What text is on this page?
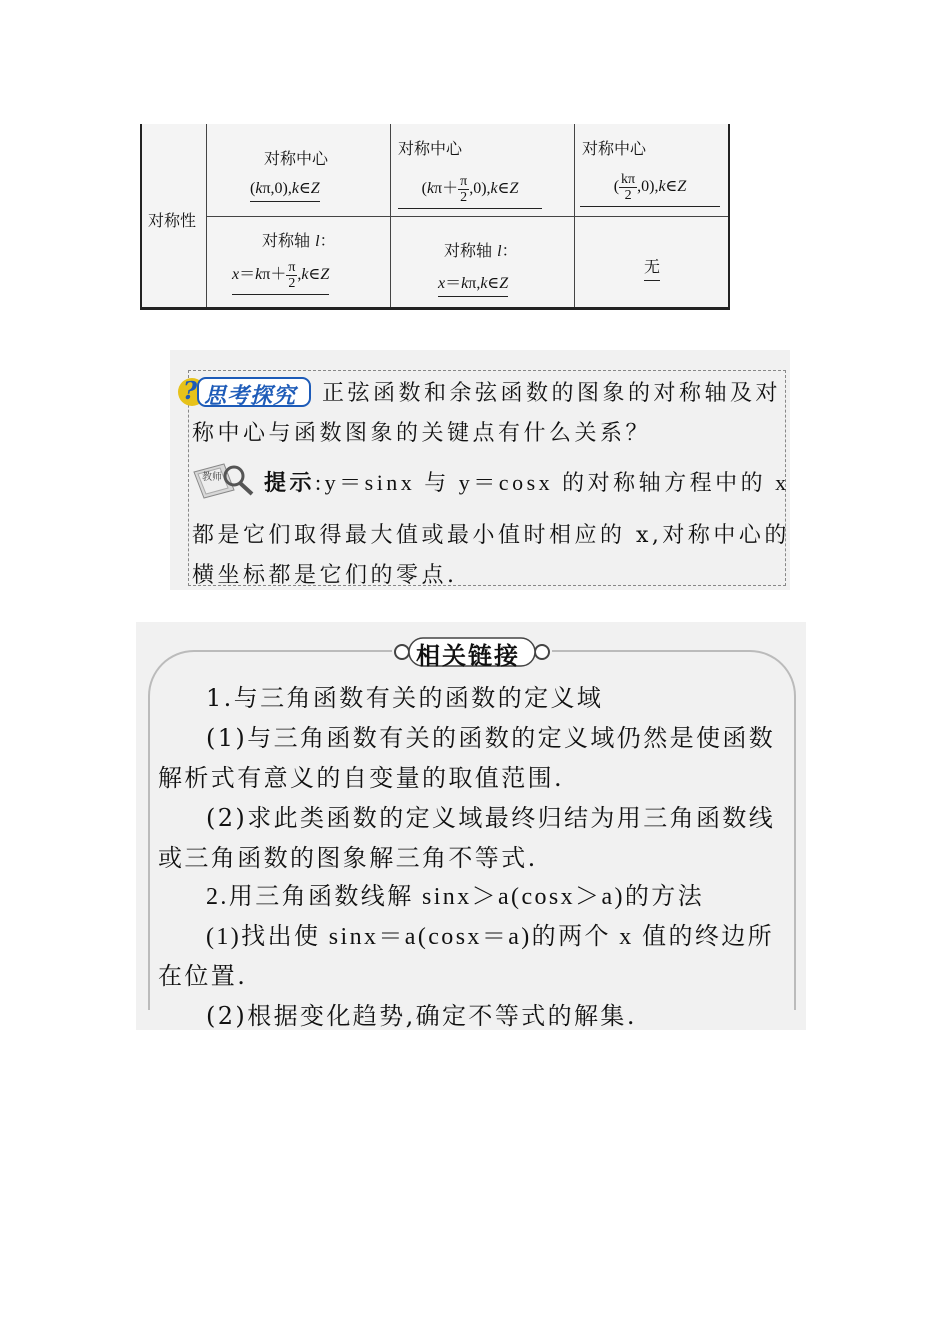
对称性
对称中心
(kπ,0),k∈Z
对称中心
($k\pi+ \frac{\pi}{2}$ ,0),k∈Z
对称中心
( $\frac{k\pi}{2}$ ,0),k∈Z
对称轴 l：
$x=k\pi+ \frac{\pi}{2}$ ,k∈Z
对称轴 l：
x＝kπ,k∈Z
无
? 思考探究 正弦函数和余弦函数的图象的对称轴及对
称中心与函数图象的关键点有什么关系？
教师 提示:y＝sinx 与 y＝cosx 的对称轴方程中的 x
都是它们取得最大值或最小值时相应的 x,对称中心的
横坐标都是它们的零点.
相关链接
1.与三角函数有关的函数的定义域
(1)与三角函数有关的函数的定义域仍然是使函数
解析式有意义的自变量的取值范围.
(2)求此类函数的定义域最终归结为用三角函数线
或三角函数的图象解三角不等式.
2.用三角函数线解 sinx＞a(cosx＞a)的方法
(1)找出使 sinx＝a(cosx＝a)的两个 x 值的终边所
在位置.
(2)根据变化趋势,确定不等式的解集.
